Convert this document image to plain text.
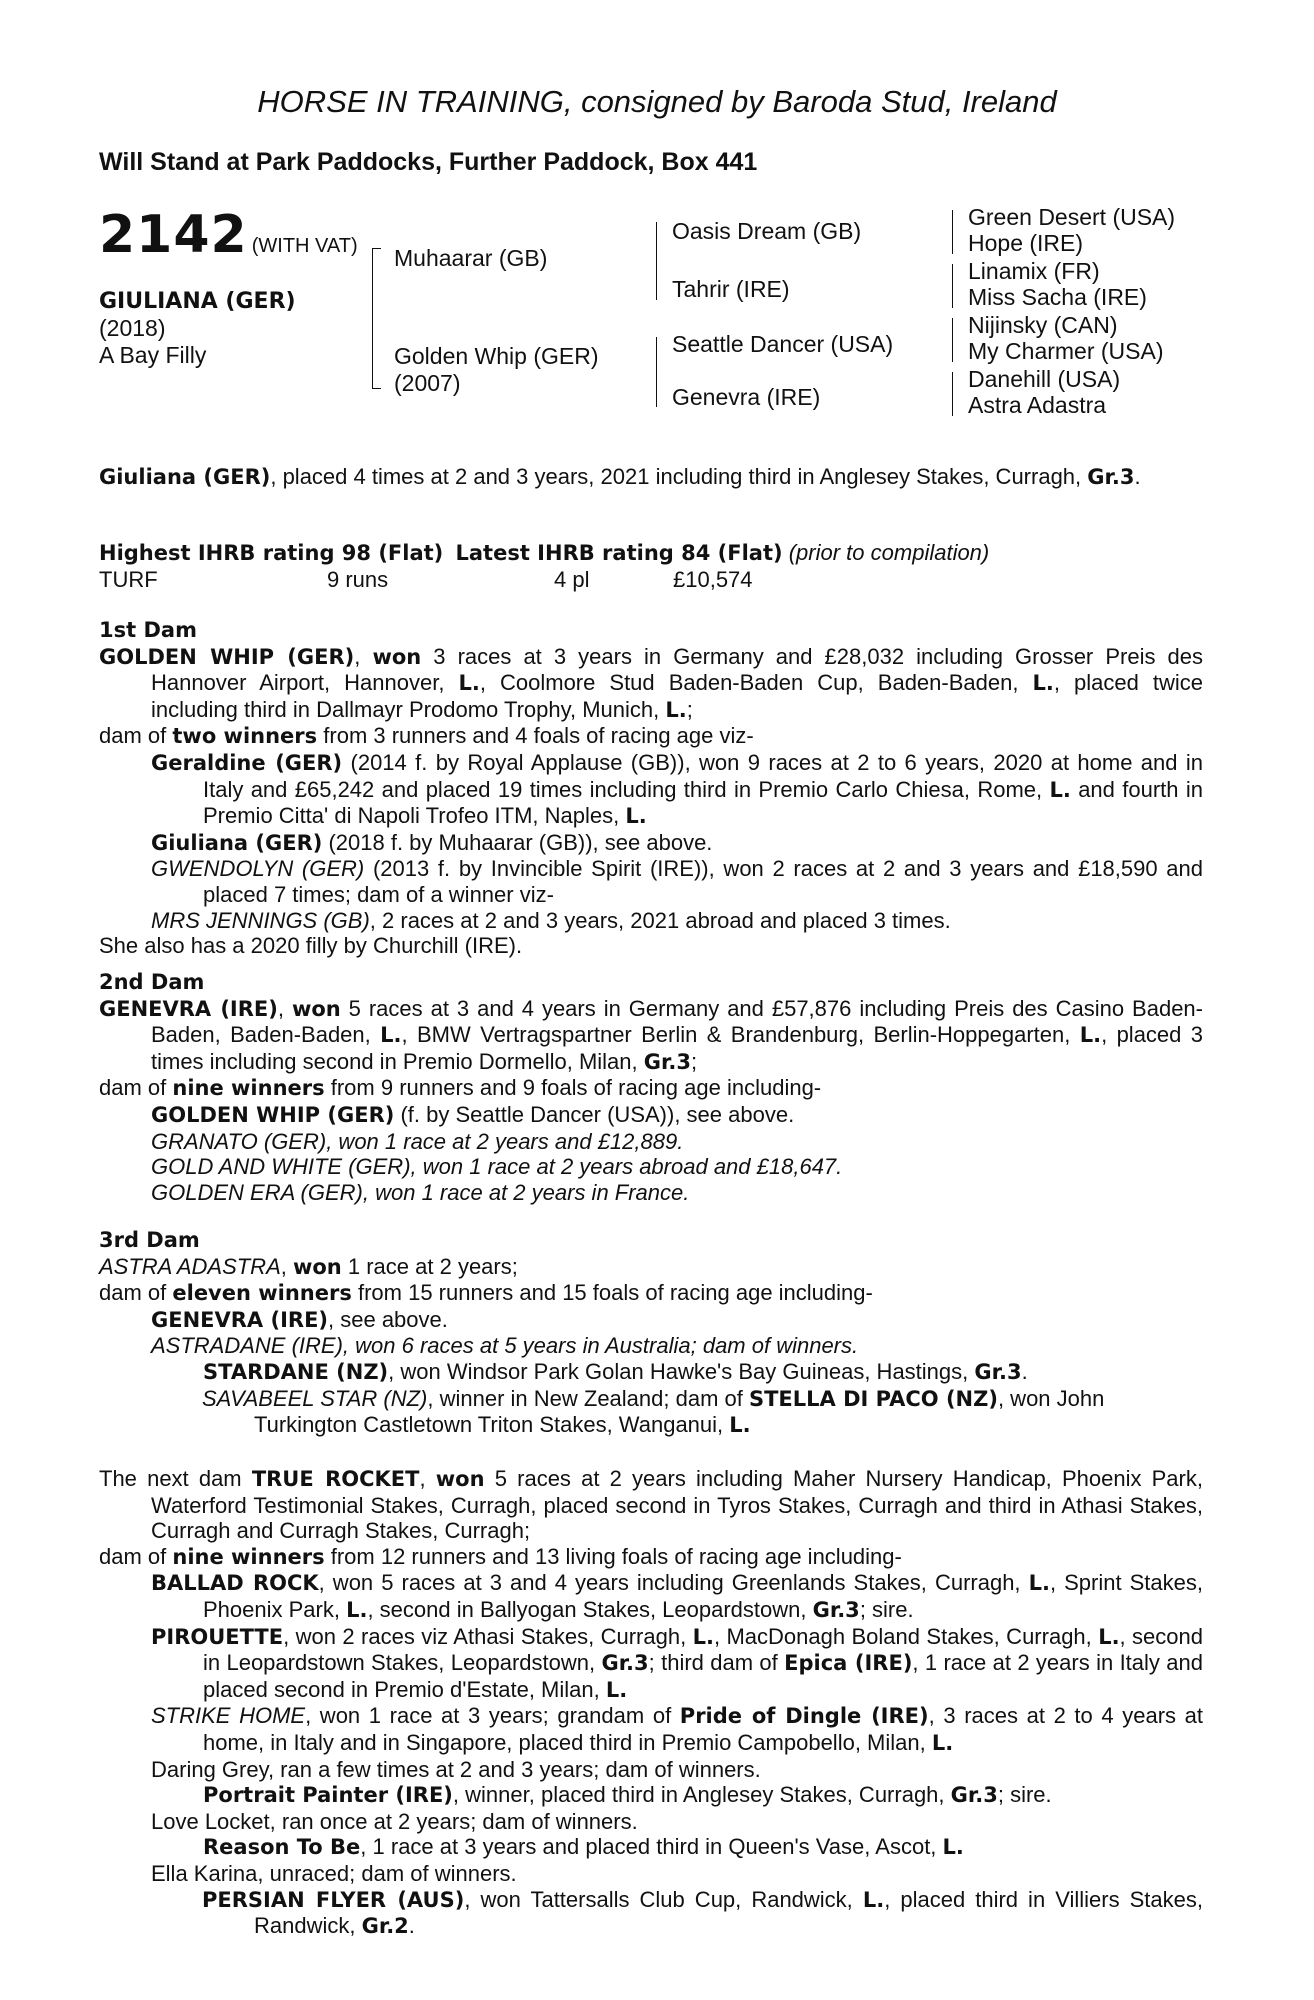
HORSE IN TRAINING, consigned by Baroda Stud, Ireland
Will Stand at Park Paddocks, Further Paddock, Box 441
2142 (WITH VAT)
GIULIANA (GER)
(2018)
A Bay Filly
Muhaarar (GB)
Golden Whip (GER)
(2007)
Oasis Dream (GB)
Tahrir (IRE)
Seattle Dancer (USA)
Genevra (IRE)
Green Desert (USA)
Hope (IRE)
Linamix (FR)
Miss Sacha (IRE)
Nijinsky (CAN)
My Charmer (USA)
Danehill (USA)
Astra Adastra

Giuliana (GER), placed 4 times at 2 and 3 years, 2021 including third in Anglesey Stakes, Curragh, Gr.3.

Highest IHRB rating 98 (Flat) Latest IHRB rating 84 (Flat) (prior to compilation)

TURF	9 runs	4 pl	£10,574

1st Dam

GOLDEN WHIP (GER), won 3 races at 3 years in Germany and £28,032 including Grosser Preis des Hannover Airport, Hannover, L., Coolmore Stud Baden-Baden Cup, Baden-Baden, L., placed twice including third in Dallmayr Prodomo Trophy, Munich, L.;

dam of two winners from 3 runners and 4 foals of racing age viz-

Geraldine (GER) (2014 f. by Royal Applause (GB)), won 9 races at 2 to 6 years, 2020 at home and in Italy and £65,242 and placed 19 times including third in Premio Carlo Chiesa, Rome, L. and fourth in Premio Citta' di Napoli Trofeo ITM, Naples, L.

Giuliana (GER) (2018 f. by Muhaarar (GB)), see above.

GWENDOLYN (GER) (2013 f. by Invincible Spirit (IRE)), won 2 races at 2 and 3 years and £18,590 and placed 7 times; dam of a winner viz-

MRS JENNINGS (GB), 2 races at 2 and 3 years, 2021 abroad and placed 3 times.

She also has a 2020 filly by Churchill (IRE).

2nd Dam

GENEVRA (IRE), won 5 races at 3 and 4 years in Germany and £57,876 including Preis des Casino Baden-Baden, Baden-Baden, L., BMW Vertragspartner Berlin & Brandenburg, Berlin-Hoppegarten, L., placed 3 times including second in Premio Dormello, Milan, Gr.3;

dam of nine winners from 9 runners and 9 foals of racing age including-

GOLDEN WHIP (GER) (f. by Seattle Dancer (USA)), see above.

GRANATO (GER), won 1 race at 2 years and £12,889.

GOLD AND WHITE (GER), won 1 race at 2 years abroad and £18,647.

GOLDEN ERA (GER), won 1 race at 2 years in France.

3rd Dam

ASTRA ADASTRA, won 1 race at 2 years;

dam of eleven winners from 15 runners and 15 foals of racing age including-

GENEVRA (IRE), see above.

ASTRADANE (IRE), won 6 races at 5 years in Australia; dam of winners.

STARDANE (NZ), won Windsor Park Golan Hawke's Bay Guineas, Hastings, Gr.3.

SAVABEEL STAR (NZ), winner in New Zealand; dam of STELLA DI PACO (NZ), won John Turkington Castletown Triton Stakes, Wanganui, L.

The next dam TRUE ROCKET, won 5 races at 2 years including Maher Nursery Handicap, Phoenix Park, Waterford Testimonial Stakes, Curragh, placed second in Tyros Stakes, Curragh and third in Athasi Stakes, Curragh and Curragh Stakes, Curragh;

dam of nine winners from 12 runners and 13 living foals of racing age including-

BALLAD ROCK, won 5 races at 3 and 4 years including Greenlands Stakes, Curragh, L., Sprint Stakes, Phoenix Park, L., second in Ballyogan Stakes, Leopardstown, Gr.3; sire.

PIROUETTE, won 2 races viz Athasi Stakes, Curragh, L., MacDonagh Boland Stakes, Curragh, L., second in Leopardstown Stakes, Leopardstown, Gr.3; third dam of Epica (IRE), 1 race at 2 years in Italy and placed second in Premio d'Estate, Milan, L.

STRIKE HOME, won 1 race at 3 years; grandam of Pride of Dingle (IRE), 3 races at 2 to 4 years at home, in Italy and in Singapore, placed third in Premio Campobello, Milan, L.

Daring Grey, ran a few times at 2 and 3 years; dam of winners.

Portrait Painter (IRE), winner, placed third in Anglesey Stakes, Curragh, Gr.3; sire.

Love Locket, ran once at 2 years; dam of winners.

Reason To Be, 1 race at 3 years and placed third in Queen's Vase, Ascot, L.

Ella Karina, unraced; dam of winners.

PERSIAN FLYER (AUS), won Tattersalls Club Cup, Randwick, L., placed third in Villiers Stakes, Randwick, Gr.2.
